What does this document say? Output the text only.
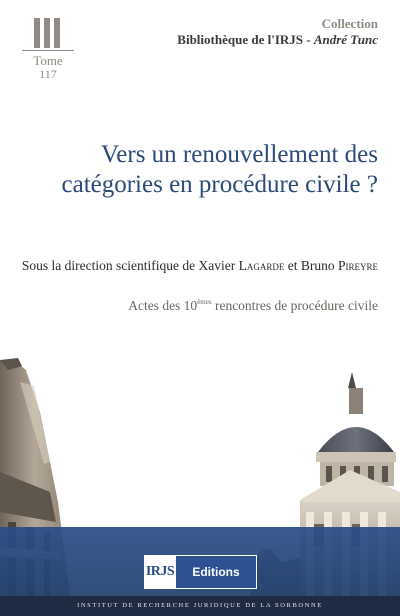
Tome
117
Collection
Bibliothèque de l'IRJS - André Tunc
Vers un renouvellement des
catégories en procédure civile ?
Sous la direction scientifique de Xavier Lagarde et Bruno Pireyre
Actes des 10èmes rencontres de procédure civile
IRJS	Editions
INSTITUT DE RECHERCHE JURIDIQUE DE LA SORBONNE
